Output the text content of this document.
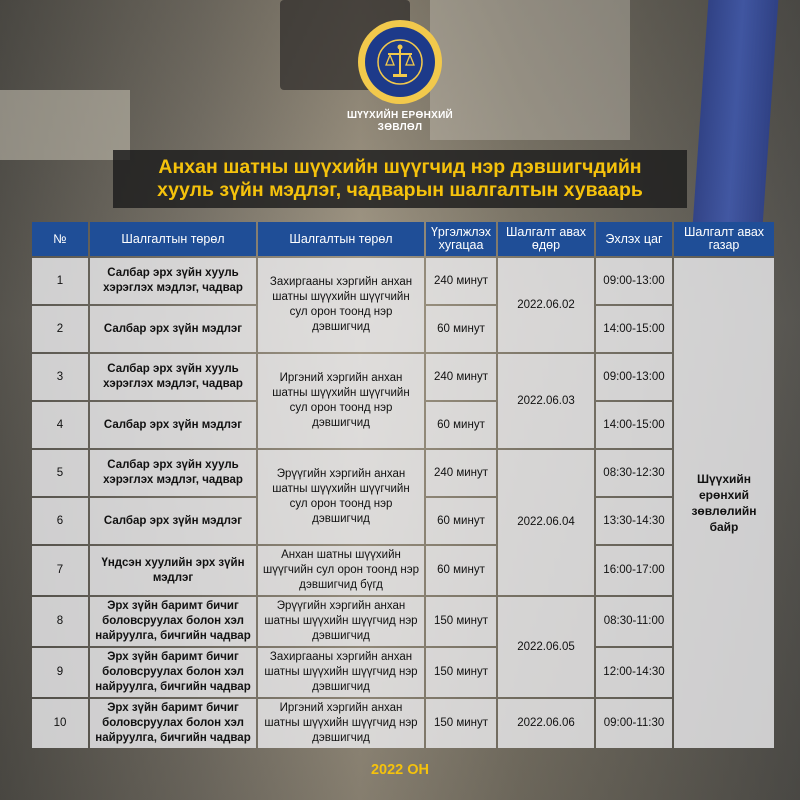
ШҮҮХИЙН ЕРӨНХИЙ
ЗӨВЛӨЛ
Анхан шатны шүүхийн шүүгчид нэр дэвшигчдийн
хууль зүйн мэдлэг, чадварын шалгалтын хуваарь
№	Шалгалтын төрөл	Шалгалтын төрөл	Үргэлжлэх хугацаа	Шалгалт авах өдөр	Эхлэх цаг	Шалгалт авах газар
1	Салбар эрх зүйн хууль хэрэглэх мэдлэг, чадвар	Захиргааны хэргийн анхан шатны шүүхийн шүүгчийн сул орон тоонд нэр дэвшигчид	240 минут	2022.06.02	09:00-13:00	Шүүхийн ерөнхий зөвлөлийн байр
2	Салбар эрх зүйн мэдлэг		60 минут		14:00-15:00	
3	Салбар эрх зүйн хууль хэрэглэх мэдлэг, чадвар	Иргэний хэргийн анхан шатны шүүхийн шүүгчийн сул орон тоонд нэр дэвшигчид	240 минут	2022.06.03	09:00-13:00	
4	Салбар эрх зүйн мэдлэг		60 минут		14:00-15:00	
5	Салбар эрх зүйн хууль хэрэглэх мэдлэг, чадвар	Эрүүгийн хэргийн анхан шатны шүүхийн шүүгчийн сул орон тоонд нэр дэвшигчид	240 минут	2022.06.04	08:30-12:30	
6	Салбар эрх зүйн мэдлэг		60 минут		13:30-14:30	
7	Үндсэн хуулийн эрх зүйн мэдлэг	Анхан шатны шүүхийн шүүгчийн сул орон тоонд нэр дэвшигчид бүгд	60 минут		16:00-17:00	
8	Эрх зүйн баримт бичиг боловсруулах болон хэл найруулга, бичгийн чадвар	Эрүүгийн хэргийн анхан шатны шүүхийн шүүгчид нэр дэвшигчид	150 минут	2022.06.05	08:30-11:00	
9	Эрх зүйн баримт бичиг боловсруулах болон хэл найруулга, бичгийн чадвар	Захиргааны хэргийн анхан шатны шүүхийн шүүгчид нэр дэвшигчид	150 минут		12:00-14:30	
10	Эрх зүйн баримт бичиг боловсруулах болон хэл найруулга, бичгийн чадвар	Иргэний хэргийн анхан шатны шүүхийн шүүгчид нэр дэвшигчид	150 минут	2022.06.06	09:00-11:30	
2022 ОН
